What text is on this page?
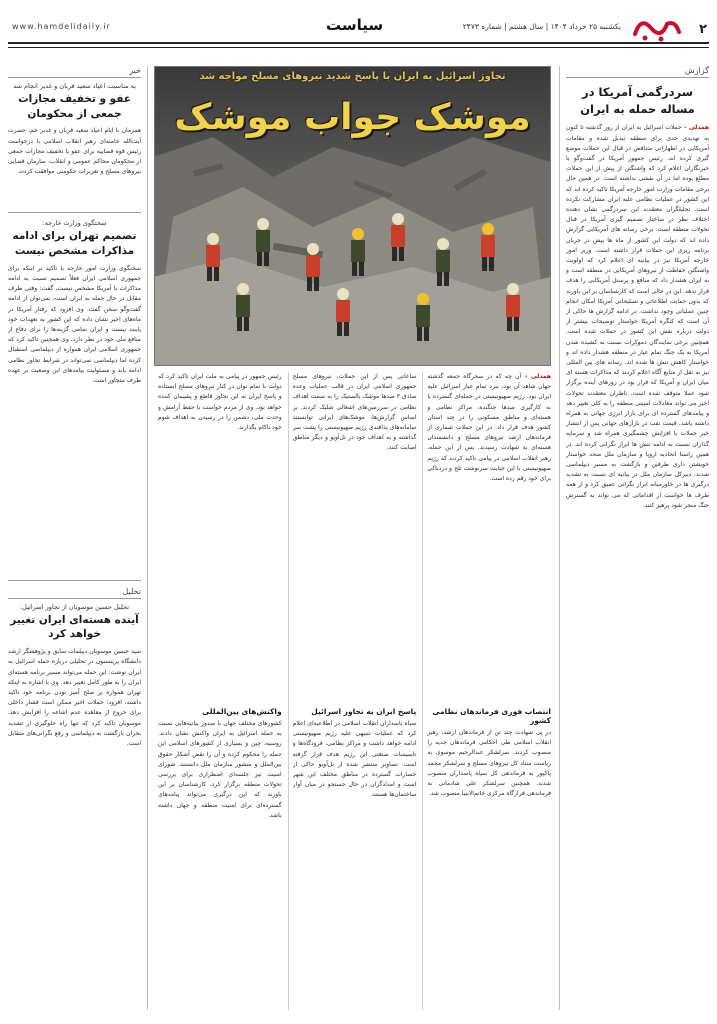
۲
یکشنبه ۲۵ خرداد ۱۴۰۴ | سال هشتم | شماره ۲۴۷۳
سیاست
www.hamdelidaily.ir
گزارش
سردرگمی آمریکا در مساله حمله به ایران
همدلی – حملات اسرائیل به ایران از روز گذشته تا کنون به تهدیدی جدی برای منطقه تبدیل شده و مقامات آمریکایی در اظهاراتی متناقض در قبال این حملات موضع گیری کرده اند. رئیس جمهور آمریکا در گفت‌وگو با خبرنگاران اعلام کرد که واشنگتن از پیش از این حملات مطلع بوده اما در آن نقشی نداشته است. در همین حال برخی مقامات وزارت امور خارجه آمریکا تاکید کرده اند که این کشور در عملیات نظامی علیه ایران مشارکت نکرده است. تحلیلگران معتقدند این سردرگمی نشان دهنده اختلاف نظر در ساختار تصمیم گیری آمریکا در قبال تحولات منطقه است. برخی رسانه های آمریکایی گزارش داده اند که دولت این کشور از ماه ها پیش در جریان برنامه ریزی این حملات قرار داشته است. وزیر امور خارجه آمریکا نیز در بیانیه ای اعلام کرد که اولویت واشنگتن حفاظت از نیروهای آمریکایی در منطقه است و به ایران هشدار داد که منافع و پرسنل آمریکایی را هدف قرار ندهد. این در حالی است که کارشناسان بر این باورند که بدون حمایت اطلاعاتی و تسلیحاتی آمریکا امکان انجام چنین عملیاتی وجود نداشت. در ادامه گزارش ها حاکی از آن است که کنگره آمریکا خواستار توضیحات بیشتر از دولت درباره نقش این کشور در حملات شده است. همچنین برخی نمایندگان دموکرات نسبت به کشیده شدن آمریکا به یک جنگ تمام عیار در منطقه هشدار داده اند و خواستار کاهش تنش ها شده اند. رسانه های بین المللی نیز به نقل از منابع آگاه اعلام کردند که مذاکرات هسته ای میان ایران و آمریکا که قرار بود در روزهای آینده برگزار شود عملا متوقف شده است. ناظران معتقدند تحولات اخیر می تواند معادلات امنیتی منطقه را به کلی تغییر دهد و پیامدهای گسترده ای برای بازار انرژی جهانی به همراه داشته باشد. قیمت نفت در بازارهای جهانی پس از انتشار خبر حملات با افزایش چشمگیری همراه شد و سرمایه گذاران نسبت به ادامه تنش ها ابراز نگرانی کرده اند. در همین راستا اتحادیه اروپا و سازمان ملل متحد خواستار خویشتن داری طرفین و بازگشت به مسیر دیپلماسی شدند. دبیرکل سازمان ملل در بیانیه ای نسبت به تشدید درگیری ها در خاورمیانه ابراز نگرانی عمیق کرد و از همه طرف ها خواست از اقداماتی که می تواند به گسترش جنگ منجر شود پرهیز کنند.
خبر
به مناسبت اعیاد سعید قربان و غدیر انجام شد
عفو و تخفیف مجازات جمعی از محکومان
همزمان با ایام اعیاد سعید قربان و غدیر خم، حضرت آیت‌الله خامنه‌ای رهبر انقلاب اسلامی با درخواست رئیس قوه قضاییه برای عفو یا تخفیف مجازات جمعی از محکومان محاکم عمومی و انقلاب، سازمان قضایی نیروهای مسلح و تعزیرات حکومتی موافقت کردند.
سخنگوی وزارت خارجه:
تصمیم تهران برای ادامه مذاکرات مشخص نیست
سخنگوی وزارت امور خارجه با تاکید بر اینکه برای جمهوری اسلامی ایران فعلاً تصمیم نسبت به ادامه مذاکرات با آمریکا مشخص نیست، گفت: وقتی طرف مقابل در حال حمله به ایران است، نمی‌توان از ادامه گفت‌وگو سخن گفت. وی افزود که رفتار آمریکا در ماه‌های اخیر نشان داده که این کشور به تعهدات خود پایبند نیست و ایران تمامی گزینه‌ها را برای دفاع از منافع ملی خود در نظر دارد. وی همچنین تاکید کرد که جمهوری اسلامی ایران همواره از دیپلماسی استقبال کرده اما دیپلماسی نمی‌تواند در شرایط تجاوز نظامی ادامه یابد و مسئولیت پیامدهای این وضعیت بر عهده طرف متجاوز است.
تحلیل
تحلیل حسین موسویان از تجاوز اسرائیل:
آینده هسته‌ای ایران تغییر خواهد کرد
سید حسین موسویان دیپلمات سابق و پژوهشگر ارشد دانشگاه پرینستون در تحلیلی درباره حمله اسرائیل به ایران نوشت: این حمله می‌تواند مسیر برنامه هسته‌ای ایران را به طور کامل تغییر دهد. وی با اشاره به اینکه تهران همواره بر صلح آمیز بودن برنامه خود تاکید داشته، افزود: حملات اخیر ممکن است فشار داخلی برای خروج از معاهده عدم اشاعه را افزایش دهد. موسویان تاکید کرد که تنها راه جلوگیری از تشدید بحران بازگشت به دیپلماسی و رفع نگرانی‌های متقابل است.
تجاوز اسرائیل به ایران با پاسخ شدید نیروهای مسلح مواجه شد
موشک جواب موشک
همدلی – آن چه که در سحرگاه جمعه گذشته جهان شاهد آن بود، نبرد تمام عیار اسرائیل علیه ایران بود. رژیم صهیونیستی در حمله‌ای گسترده با به کارگیری صدها جنگنده، مراکز نظامی و هسته‌ای و مناطق مسکونی را در چند استان کشور هدف قرار داد. در این حملات شماری از فرماندهان ارشد نیروهای مسلح و دانشمندان هسته‌ای به شهادت رسیدند. پس از این حمله، رهبر انقلاب اسلامی در پیامی تاکید کردند که رژیم صهیونیستی با این جنایت سرنوشت تلخ و دردناکی برای خود رقم زده است.
انتصاب فوری فرماندهان نظامی کشور
در پی شهادت چند تن از فرماندهان ارشد، رهبر انقلاب اسلامی طی احکامی فرماندهان جدید را منصوب کردند. سرلشکر عبدالرحیم موسوی به ریاست ستاد کل نیروهای مسلح و سرلشکر محمد پاکپور به فرماندهی کل سپاه پاسداران منصوب شدند. همچنین سرلشکر علی شادمانی به فرماندهی قرارگاه مرکزی خاتم‌الانبیا منصوب شد.
ساعاتی پس از این حملات، نیروهای مسلح جمهوری اسلامی ایران در قالب عملیات وعده صادق ۳ صدها موشک بالستیک را به سمت اهداف نظامی در سرزمین‌های اشغالی شلیک کردند. بر اساس گزارش‌ها، موشک‌های ایرانی توانستند سامانه‌های پدافندی رژیم صهیونیستی را پشت سر گذاشته و به اهداف خود در تل‌آویو و دیگر مناطق اصابت کنند.
پاسخ ایران به تجاوز اسرائیل
سپاه پاسداران انقلاب اسلامی در اطلاعیه‌ای اعلام کرد که عملیات تنبیهی علیه رژیم صهیونیستی ادامه خواهد داشت و مراکز نظامی، فرودگاه‌ها و تاسیسات صنعتی این رژیم هدف قرار گرفته است. تصاویر منتشر شده از تل‌آویو حاکی از خسارات گسترده در مناطق مختلف این شهر است و امدادگران در حال جستجو در میان آوار ساختمان‌ها هستند.
رئیس جمهور در پیامی به ملت ایران تاکید کرد که دولت با تمام توان در کنار نیروهای مسلح ایستاده و پاسخ ایران به این تجاوز قاطع و پشیمان کننده خواهد بود. وی از مردم خواست با حفظ آرامش و وحدت ملی، دشمن را در رسیدن به اهداف شوم خود ناکام بگذارند.
واکنش‌های بین‌المللی
کشورهای مختلف جهان با صدور بیانیه‌هایی نسبت به حمله اسرائیل به ایران واکنش نشان دادند. روسیه، چین و بسیاری از کشورهای اسلامی این حمله را محکوم کرده و آن را نقض آشکار حقوق بین‌الملل و منشور سازمان ملل دانستند. شورای امنیت نیز جلسه‌ای اضطراری برای بررسی تحولات منطقه برگزار کرد. کارشناسان بر این باورند که این درگیری می‌تواند پیامدهای گسترده‌ای برای امنیت منطقه و جهان داشته باشد.
